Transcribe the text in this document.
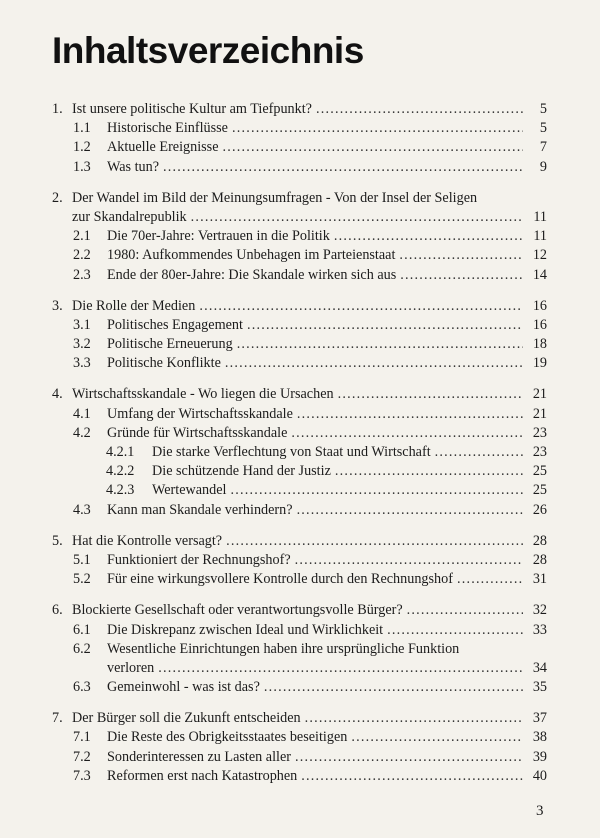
Inhaltsverzeichnis
1. Ist unsere politische Kultur am Tiefpunkt? .....	5
1.1	Historische Einflüsse .....	5
1.2	Aktuelle Ereignisse .....	7
1.3	Was tun? .....	9
2. Der Wandel im Bild der Meinungsumfragen - Von der Insel der Seligen
zur Skandalrepublik .....	11
2.1	Die 70er-Jahre: Vertrauen in die Politik .....	11
2.2	1980: Aufkommendes Unbehagen im Parteienstaat .....	12
2.3	Ende der 80er-Jahre: Die Skandale wirken sich aus .....	14
3. Die Rolle der Medien .....	16
3.1	Politisches Engagement .....	16
3.2	Politische Erneuerung .....	18
3.3	Politische Konflikte .....	19
4. Wirtschaftsskandale - Wo liegen die Ursachen .....	21
4.1	Umfang der Wirtschaftsskandale .....	21
4.2	Gründe für Wirtschaftsskandale .....	23
4.2.1	Die starke Verflechtung von Staat und Wirtschaft .....	23
4.2.2	Die schützende Hand der Justiz .....	25
4.2.3	Wertewandel .....	25
4.3	Kann man Skandale verhindern? .....	26
5. Hat die Kontrolle versagt? .....	28
5.1	Funktioniert der Rechnungshof? .....	28
5.2	Für eine wirkungsvollere Kontrolle durch den Rechnungshof .....	31
6. Blockierte Gesellschaft oder verantwortungsvolle Bürger? .....	32
6.1	Die Diskrepanz zwischen Ideal und Wirklichkeit .....	33
6.2 Wesentliche Einrichtungen haben ihre ursprüngliche Funktion
verloren .....	34
6.3	Gemeinwohl - was ist das? .....	35
7. Der Bürger soll die Zukunft entscheiden .....	37
7.1	Die Reste des Obrigkeitsstaates beseitigen .....	38
7.2	Sonderinteressen zu Lasten aller .....	39
7.3	Reformen erst nach Katastrophen .....	40
3
